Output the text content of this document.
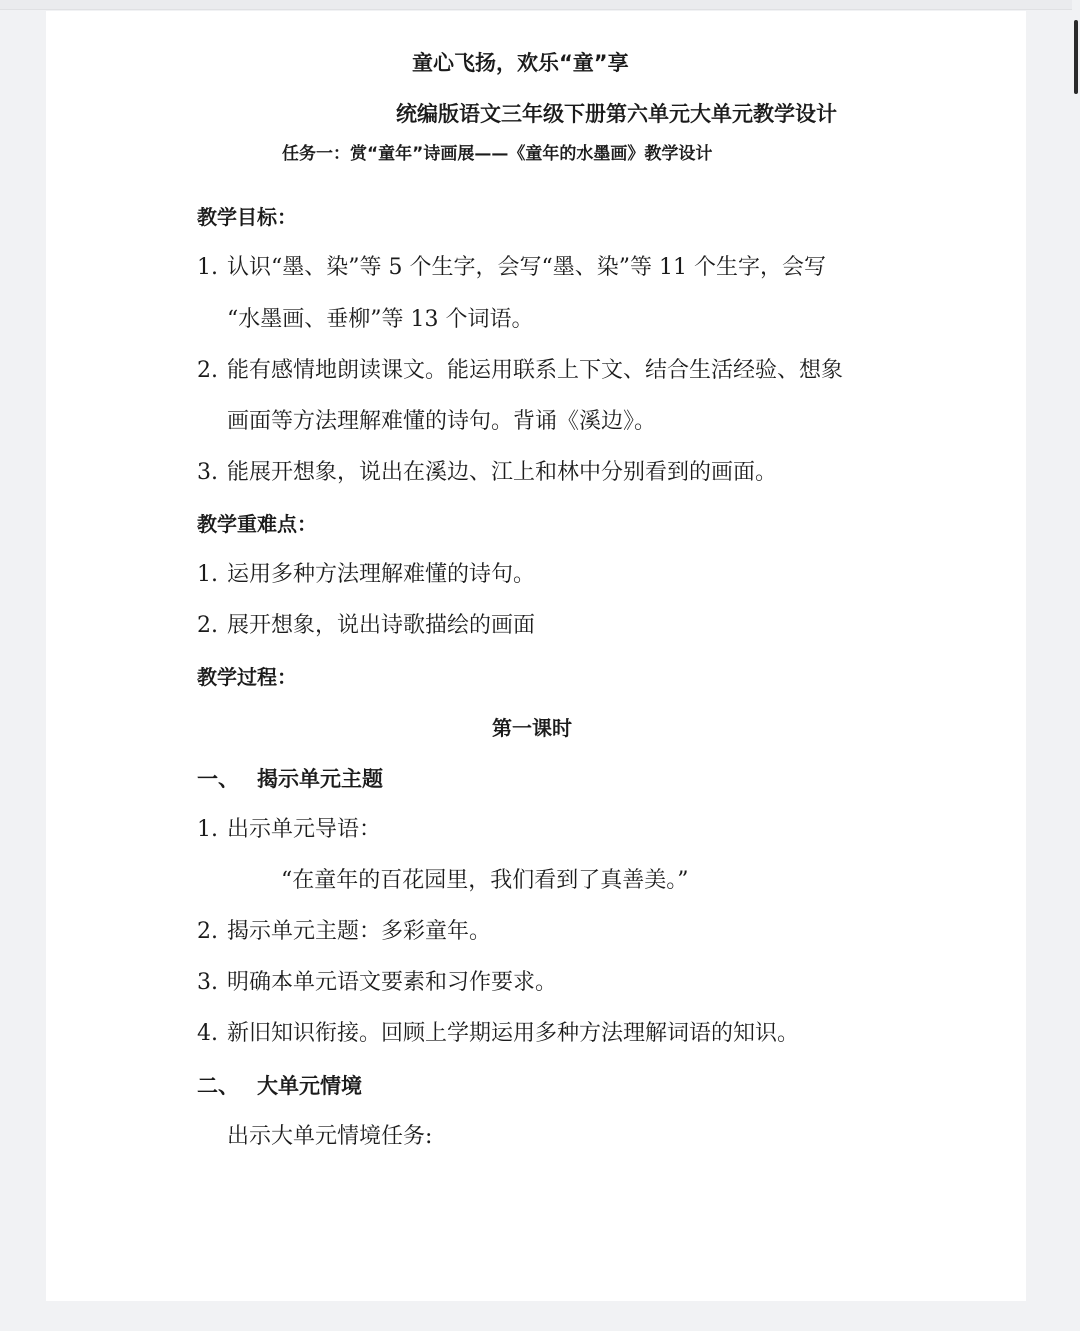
童心飞扬，欢乐“童”享
统编版语文三年级下册第六单元大单元教学设计
任务一：赏“童年”诗画展——《童年的水墨画》教学设计
教学目标：
1. 认识“墨、染”等 5 个生字，会写“墨、染”等 11 个生字，会写
“水墨画、垂柳”等 13 个词语。
2. 能有感情地朗读课文。能运用联系上下文、结合生活经验、想象
画面等方法理解难懂的诗句。背诵《溪边》。
3. 能展开想象，说出在溪边、江上和林中分别看到的画面。
教学重难点：
1. 运用多种方法理解难懂的诗句。
2. 展开想象，说出诗歌描绘的画面
教学过程：
第一课时
一、 揭示单元主题
1. 出示单元导语：
“在童年的百花园里，我们看到了真善美。”
2. 揭示单元主题：多彩童年。
3. 明确本单元语文要素和习作要求。
4. 新旧知识衔接。回顾上学期运用多种方法理解词语的知识。
二、 大单元情境
出示大单元情境任务:
